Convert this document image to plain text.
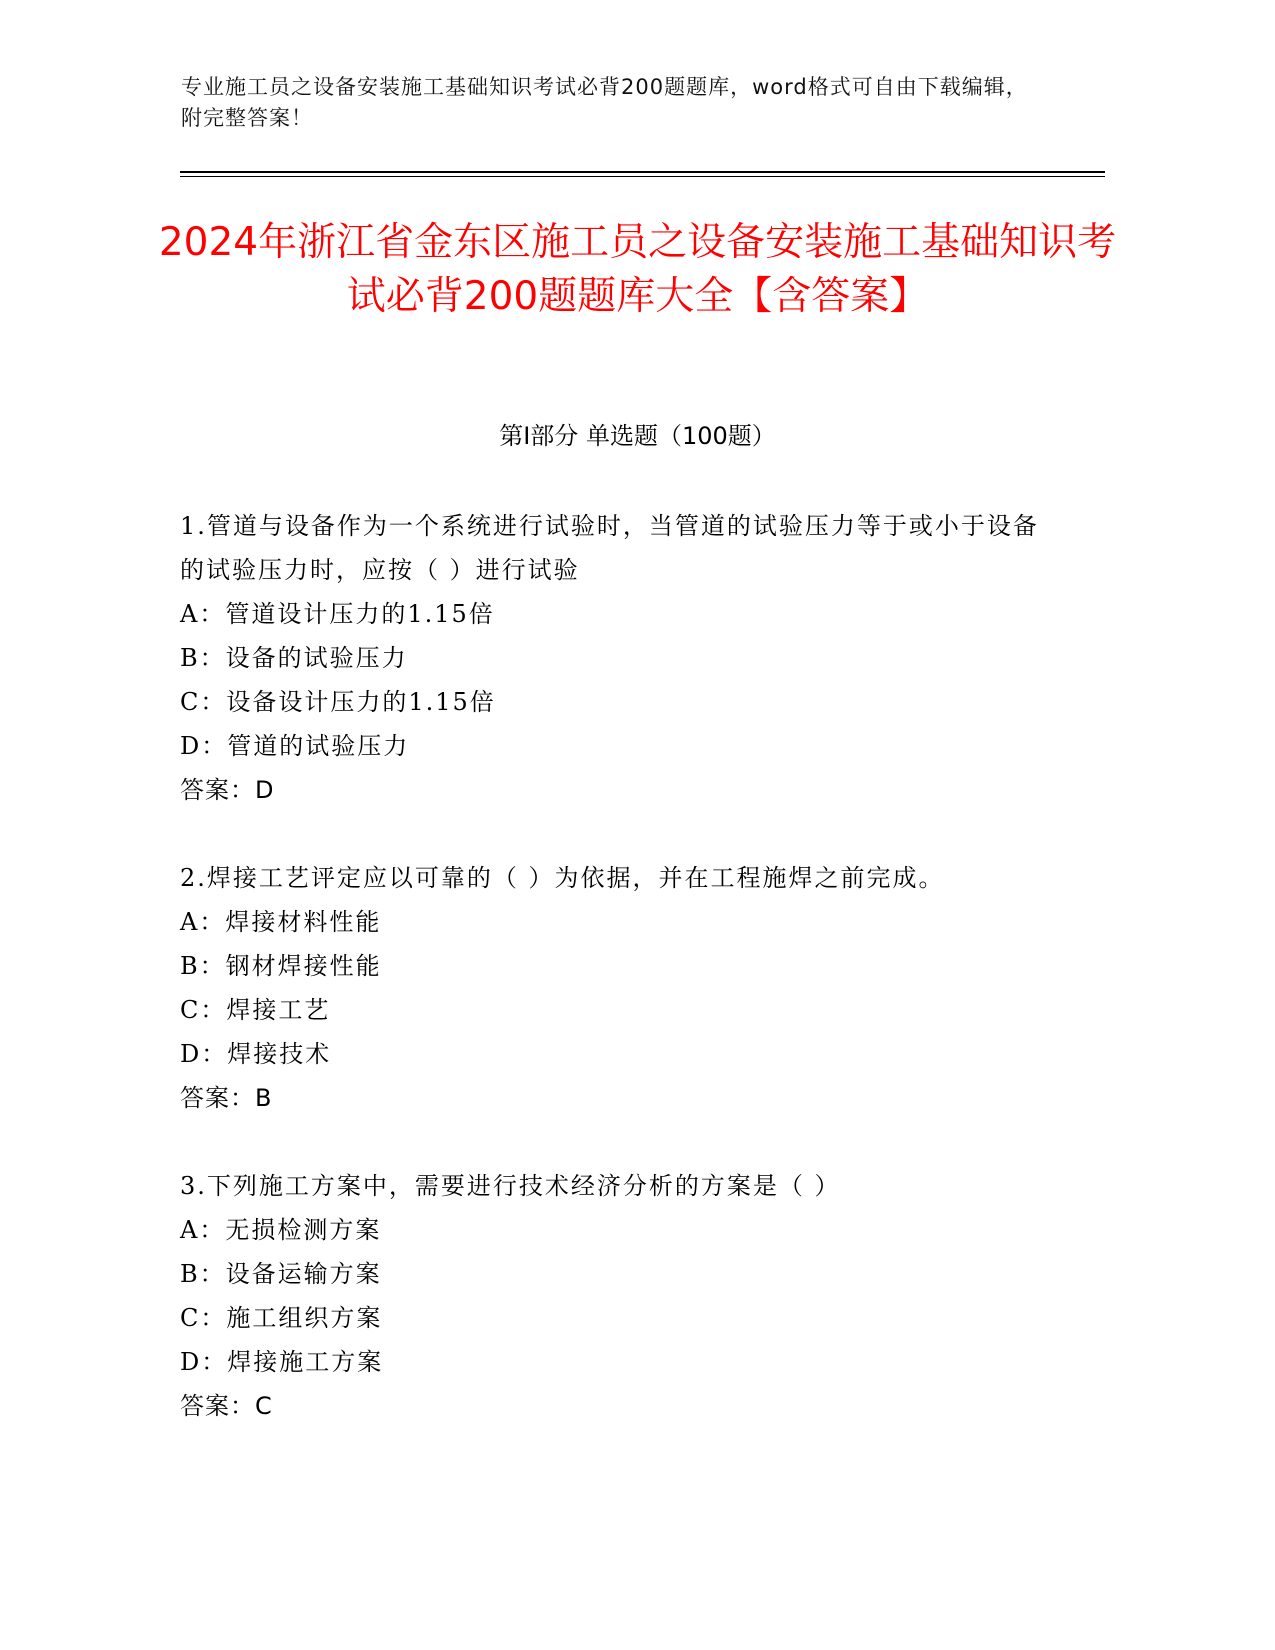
专业施工员之设备安装施工基础知识考试必背200题题库，word格式可自由下载编辑，附完整答案！
2024年浙江省金东区施工员之设备安装施工基础知识考试必背200题题库大全【含答案】
第Ⅰ部分 单选题（100题）
1.管道与设备作为一个系统进行试验时，当管道的试验压力等于或小于设备的试验压力时，应按（ ）进行试验
A：管道设计压力的1.15倍
B：设备的试验压力
C：设备设计压力的1.15倍
D：管道的试验压力
答案：D
2.焊接工艺评定应以可靠的（ ）为依据，并在工程施焊之前完成。
A：焊接材料性能
B：钢材焊接性能
C：焊接工艺
D：焊接技术
答案：B
3.下列施工方案中，需要进行技术经济分析的方案是（ ）
A：无损检测方案
B：设备运输方案
C：施工组织方案
D：焊接施工方案
答案：C
